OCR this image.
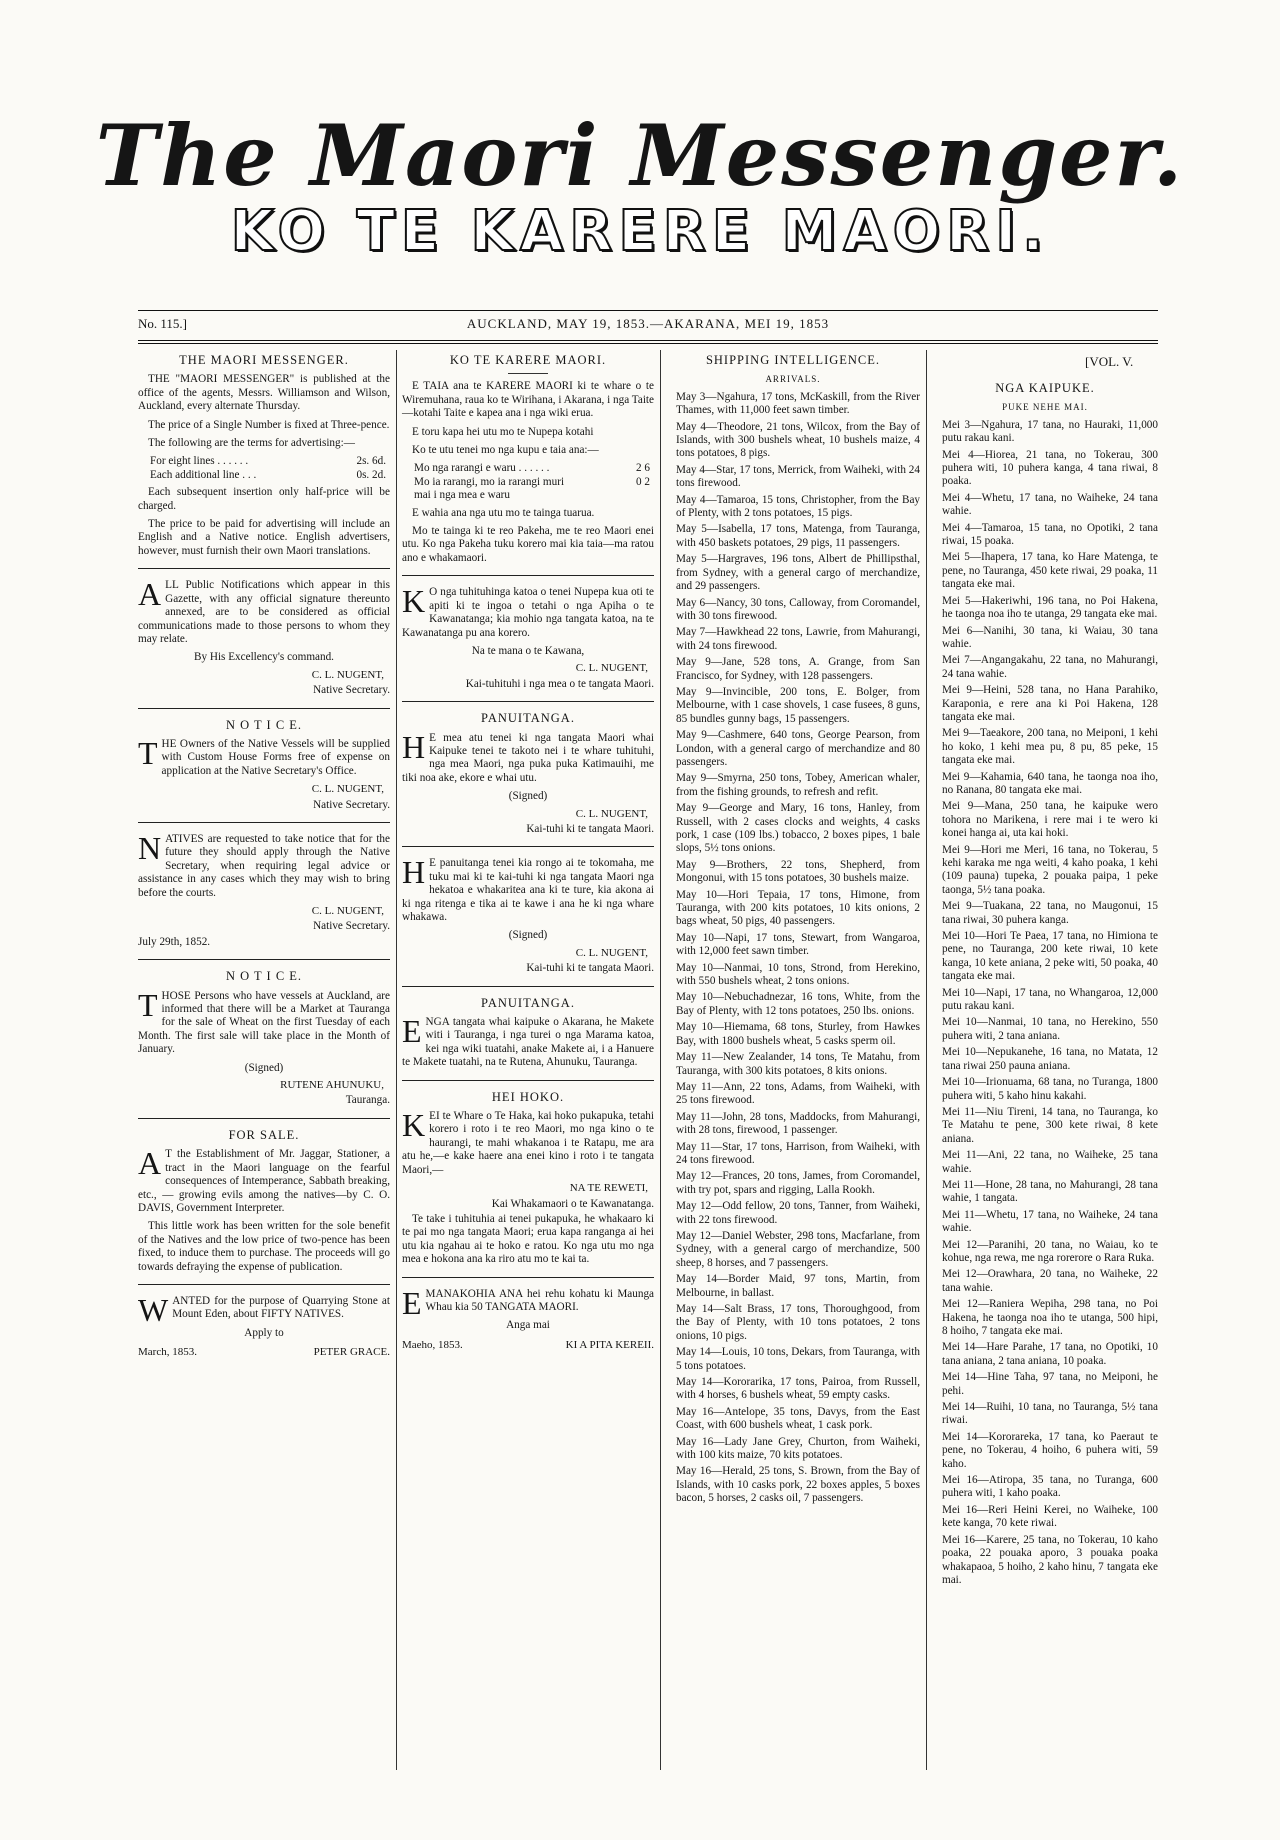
The Maori Messenger.
KO TE KARERE MAORI.
No. 115.]	AUCKLAND, MAY 19, 1853.—AKARANA, MEI 19, 1853
THE MAORI MESSENGER.

THE "MAORI MESSENGER" is published at the office of the agents, Messrs. Williamson and Wilson, Auckland, every alternate Thursday.

The price of a Single Number is fixed at Three-pence.

The following are the terms for advertising:—

For eight lines . . . . . .	2s. 6d.
Each additional line . . .	0s. 2d.

Each subsequent insertion only half-price will be charged.

The price to be paid for advertising will include an English and a Native notice. English advertisers, however, must furnish their own Maori translations.

ALL Public Notifications which appear in this Gazette, with any official signature thereunto annexed, are to be considered as official communications made to those persons to whom they may relate.

By His Excellency's command.
C. L. NUGENT,
Native Secretary.
N O T I C E.

THE Owners of the Native Vessels will be supplied with Custom House Forms free of expense on application at the Native Secretary's Office.

C. L. NUGENT,
Native Secretary.

NATIVES are requested to take notice that for the future they should apply through the Native Secretary, when requiring legal advice or assistance in any cases which they may wish to bring before the courts.

C. L. NUGENT,
Native Secretary.
July 29th, 1852.
N O T I C E.

THOSE Persons who have vessels at Auckland, are informed that there will be a Market at Tauranga for the sale of Wheat on the first Tuesday of each Month. The first sale will take place in the Month of January.

(Signed)
RUTENE AHUNUKU,
Tauranga.
FOR SALE.

AT the Establishment of Mr. Jaggar, Stationer, a tract in the Maori language on the fearful consequences of Intemperance, Sabbath breaking, etc., — growing evils among the natives—by C. O. DAVIS, Government Interpreter.

This little work has been written for the sole benefit of the Natives and the low price of two-pence has been fixed, to induce them to purchase. The proceeds will go towards defraying the expense of publication.

WANTED for the purpose of Quarrying Stone at Mount Eden, about FIFTY NATIVES.

Apply to
March, 1853.	PETER GRACE.
KO TE KARERE MAORI.

E TAIA ana te KARERE MAORI ki te whare o te Wiremuhana, raua ko te Wirihana, i Akarana, i nga Taite—kotahi Taite e kapea ana i nga wiki erua.

E toru kapa hei utu mo te Nupepa kotahi

Ko te utu tenei mo nga kupu e taia ana:—

Mo nga rarangi e waru . . . . . .	2 6
Mo ia rarangi, mo ia rarangi muri	0 2
mai i nga mea e waru

E wahia ana nga utu mo te tainga tuarua.

Mo te tainga ki te reo Pakeha, me te reo Maori enei utu. Ko nga Pakeha tuku korero mai kia taia—ma ratou ano e whakamaori.

KO nga tuhituhinga katoa o tenei Nupepa kua oti te apiti ki te ingoa o tetahi o nga Apiha o te Kawanatanga; kia mohio nga tangata katoa, na te Kawanatanga pu ana korero.

Na te mana o te Kawana,
C. L. NUGENT,
Kai-tuhituhi i nga mea o te tangata Maori.
PANUITANGA.

HE mea atu tenei ki nga tangata Maori whai Kaipuke tenei te takoto nei i te whare tuhituhi, nga mea Maori, nga puka puka Katimauihi, me tiki noa ake, ekore e whai utu.

(Signed)
C. L. NUGENT,
Kai-tuhi ki te tangata Maori.

HE panuitanga tenei kia rongo ai te tokomaha, me tuku mai ki te kai-tuhi ki nga tangata Maori nga hekatoa e whakaritea ana ki te ture, kia akona ai ki nga ritenga e tika ai te kawe i ana he ki nga whare whakawa.

(Signed)
C. L. NUGENT,
Kai-tuhi ki te tangata Maori.
PANUITANGA.

ENGA tangata whai kaipuke o Akarana, he Makete witi i Tauranga, i nga turei o nga Marama katoa, kei nga wiki tuatahi, anake Makete ai, i a Hanuere te Makete tuatahi, na te Rutena, Ahunuku, Tauranga.

HEI HOKO.

KEI te Whare o Te Haka, kai hoko pukapuka, tetahi korero i roto i te reo Maori, mo nga kino o te haurangi, te mahi whakanoa i te Ratapu, me ara atu he,—e kake haere ana enei kino i roto i te tangata Maori,—

NA TE REWETI,
Kai Whakamaori o te Kawanatanga.

Te take i tuhituhia ai tenei pukapuka, he whakaaro ki te pai mo nga tangata Maori; erua kapa ranganga ai hei utu kia ngahau ai te hoko e ratou. Ko nga utu mo nga mea e hokona ana ka riro atu mo te kai ta.

EMANAKOHIA ANA hei rehu kohatu ki Maunga Whau kia 50 TANGATA MAORI.

Anga mai
Maeho, 1853.	KI A PITA KEREII.
SHIPPING INTELLIGENCE.
ARRIVALS.

May 3—Ngahura, 17 tons, McKaskill, from the River Thames, with 11,000 feet sawn timber.

May 4—Theodore, 21 tons, Wilcox, from the Bay of Islands, with 300 bushels wheat, 10 bushels maize, 4 tons potatoes, 8 pigs.

May 4—Star, 17 tons, Merrick, from Waiheki, with 24 tons firewood.

May 4—Tamaroa, 15 tons, Christopher, from the Bay of Plenty, with 2 tons potatoes, 15 pigs.

May 5—Isabella, 17 tons, Matenga, from Tauranga, with 450 baskets potatoes, 29 pigs, 11 passengers.

May 5—Hargraves, 196 tons, Albert de Phillipsthal, from Sydney, with a general cargo of merchandize, and 29 passengers.

May 6—Nancy, 30 tons, Calloway, from Coromandel, with 30 tons firewood.

May 7—Hawkhead 22 tons, Lawrie, from Mahurangi, with 24 tons firewood.

May 9—Jane, 528 tons, A. Grange, from San Francisco, for Sydney, with 128 passengers.

May 9—Invincible, 200 tons, E. Bolger, from Melbourne, with 1 case shovels, 1 case fusees, 8 guns, 85 bundles gunny bags, 15 passengers.

May 9—Cashmere, 640 tons, George Pearson, from London, with a general cargo of merchandize and 80 passengers.

May 9—Smyrna, 250 tons, Tobey, American whaler, from the fishing grounds, to refresh and refit.

May 9—George and Mary, 16 tons, Hanley, from Russell, with 2 cases clocks and weights, 4 casks pork, 1 case (109 lbs.) tobacco, 2 boxes pipes, 1 bale slops, 5½ tons onions.

May 9—Brothers, 22 tons, Shepherd, from Mongonui, with 15 tons potatoes, 30 bushels maize.

May 10—Hori Tepaia, 17 tons, Himone, from Tauranga, with 200 kits potatoes, 10 kits onions, 2 bags wheat, 50 pigs, 40 passengers.

May 10—Napi, 17 tons, Stewart, from Wangaroa, with 12,000 feet sawn timber.

May 10—Nanmai, 10 tons, Strond, from Herekino, with 550 bushels wheat, 2 tons onions.

May 10—Nebuchadnezar, 16 tons, White, from the Bay of Plenty, with 12 tons potatoes, 250 lbs. onions.

May 10—Hiemama, 68 tons, Sturley, from Hawkes Bay, with 1800 bushels wheat, 5 casks sperm oil.

May 11—New Zealander, 14 tons, Te Matahu, from Tauranga, with 300 kits potatoes, 8 kits onions.

May 11—Ann, 22 tons, Adams, from Waiheki, with 25 tons firewood.

May 11—John, 28 tons, Maddocks, from Mahurangi, with 28 tons, firewood, 1 passenger.

May 11—Star, 17 tons, Harrison, from Waiheki, with 24 tons firewood.

May 12—Frances, 20 tons, James, from Coromandel, with try pot, spars and rigging, Lalla Rookh.

May 12—Odd fellow, 20 tons, Tanner, from Waiheki, with 22 tons firewood.

May 12—Daniel Webster, 298 tons, Macfarlane, from Sydney, with a general cargo of merchandize, 500 sheep, 8 horses, and 7 passengers.

May 14—Border Maid, 97 tons, Martin, from Melbourne, in ballast.

May 14—Salt Brass, 17 tons, Thoroughgood, from the Bay of Plenty, with 10 tons potatoes, 2 tons onions, 10 pigs.

May 14—Louis, 10 tons, Dekars, from Tauranga, with 5 tons potatoes.

May 14—Kororarika, 17 tons, Pairoa, from Russell, with 4 horses, 6 bushels wheat, 59 empty casks.

May 16—Antelope, 35 tons, Davys, from the East Coast, with 600 bushels wheat, 1 cask pork.

May 16—Lady Jane Grey, Churton, from Waiheki, with 100 kits maize, 70 kits potatoes.

May 16—Herald, 25 tons, S. Brown, from the Bay of Islands, with 10 casks pork, 22 boxes apples, 5 boxes bacon, 5 horses, 2 casks oil, 7 passengers.

[VOL. V.
NGA KAIPUKE.
PUKE NEHE MAI.

Mei 3—Ngahura, 17 tana, no Hauraki, 11,000 putu rakau kani.

Mei 4—Hiorea, 21 tana, no Tokerau, 300 puhera witi, 10 puhera kanga, 4 tana riwai, 8 poaka.

Mei 4—Whetu, 17 tana, no Waiheke, 24 tana wahie.

Mei 4—Tamaroa, 15 tana, no Opotiki, 2 tana riwai, 15 poaka.

Mei 5—Ihapera, 17 tana, ko Hare Matenga, te pene, no Tauranga, 450 kete riwai, 29 poaka, 11 tangata eke mai.

Mei 5—Hakeriwhi, 196 tana, no Poi Hakena, he taonga noa iho te utanga, 29 tangata eke mai.

Mei 6—Nanihi, 30 tana, ki Waiau, 30 tana wahie.

Mei 7—Angangakahu, 22 tana, no Mahurangi, 24 tana wahie.

Mei 9—Heini, 528 tana, no Hana Parahiko, Karaponia, e rere ana ki Poi Hakena, 128 tangata eke mai.

Mei 9—Taeakore, 200 tana, no Meiponi, 1 kehi ho koko, 1 kehi mea pu, 8 pu, 85 peke, 15 tangata eke mai.

Mei 9—Kahamia, 640 tana, he taonga noa iho, no Ranana, 80 tangata eke mai.

Mei 9—Mana, 250 tana, he kaipuke wero tohora no Marikena, i rere mai i te wero ki konei hanga ai, uta kai hoki.

Mei 9—Hori me Meri, 16 tana, no Tokerau, 5 kehi karaka me nga weiti, 4 kaho poaka, 1 kehi (109 pauna) tupeka, 2 pouaka paipa, 1 peke taonga, 5½ tana poaka.

Mei 9—Tuakana, 22 tana, no Maugonui, 15 tana riwai, 30 puhera kanga.

Mei 10—Hori Te Paea, 17 tana, no Himiona te pene, no Tauranga, 200 kete riwai, 10 kete kanga, 10 kete aniana, 2 peke witi, 50 poaka, 40 tangata eke mai.

Mei 10—Napi, 17 tana, no Whangaroa, 12,000 putu rakau kani.

Mei 10—Nanmai, 10 tana, no Herekino, 550 puhera witi, 2 tana aniana.

Mei 10—Nepukanehe, 16 tana, no Matata, 12 tana riwai 250 pauna aniana.

Mei 10—Irionuama, 68 tana, no Turanga, 1800 puhera witi, 5 kaho hinu kakahi.

Mei 11—Niu Tireni, 14 tana, no Tauranga, ko Te Matahu te pene, 300 kete riwai, 8 kete aniana.

Mei 11—Ani, 22 tana, no Waiheke, 25 tana wahie.

Mei 11—Hone, 28 tana, no Mahurangi, 28 tana wahie, 1 tangata.

Mei 11—Whetu, 17 tana, no Waiheke, 24 tana wahie.

Mei 12—Paranihi, 20 tana, no Waiau, ko te kohue, nga rewa, me nga rorerore o Rara Ruka.

Mei 12—Orawhara, 20 tana, no Waiheke, 22 tana wahie.

Mei 12—Raniera Wepiha, 298 tana, no Poi Hakena, he taonga noa iho te utanga, 500 hipi, 8 hoiho, 7 tangata eke mai.

Mei 14—Hare Parahe, 17 tana, no Opotiki, 10 tana aniana, 2 tana aniana, 10 poaka.

Mei 14—Hine Taha, 97 tana, no Meiponi, he pehi.

Mei 14—Ruihi, 10 tana, no Tauranga, 5½ tana riwai.

Mei 14—Kororareka, 17 tana, ko Paeraut te pene, no Tokerau, 4 hoiho, 6 puhera witi, 59 kaho.

Mei 16—Atiropa, 35 tana, no Turanga, 600 puhera witi, 1 kaho poaka.

Mei 16—Reri Heini Kerei, no Waiheke, 100 kete kanga, 70 kete riwai.

Mei 16—Karere, 25 tana, no Tokerau, 10 kaho poaka, 22 pouaka aporo, 3 pouaka poaka whakapaoa, 5 hoiho, 2 kaho hinu, 7 tangata eke mai.
